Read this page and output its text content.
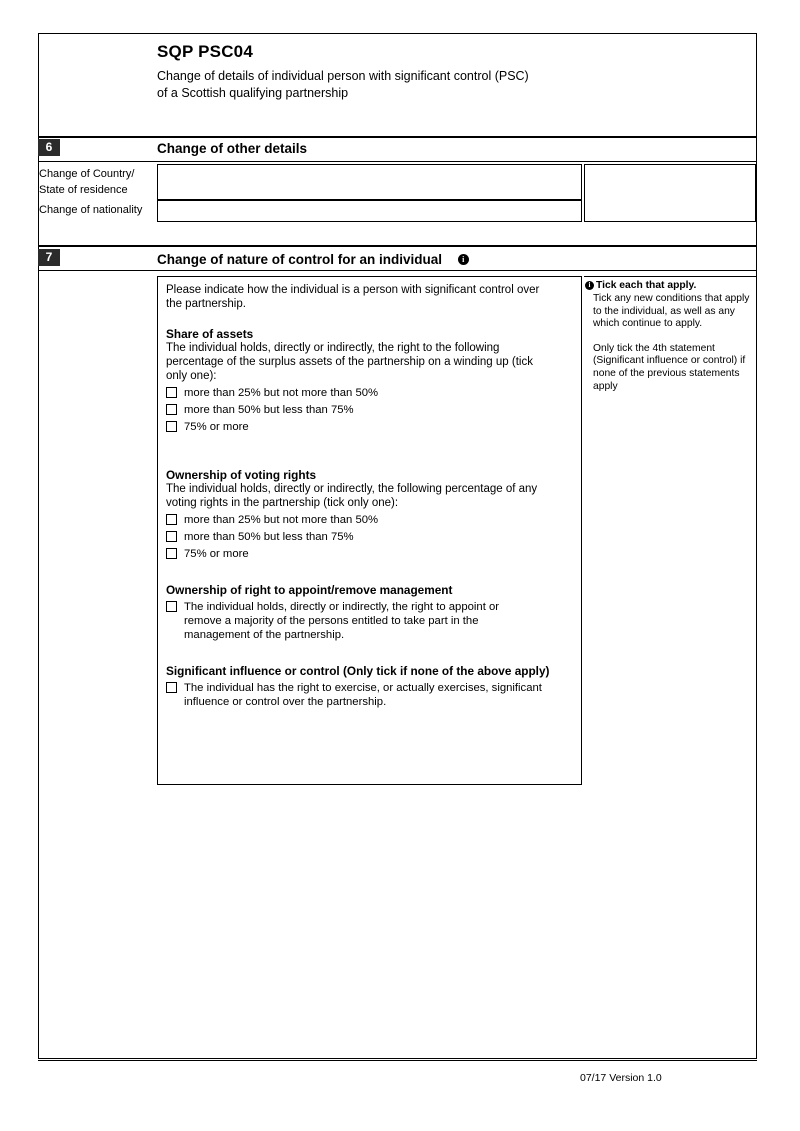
SQP PSC04
Change of details of individual person with significant control (PSC)
of a Scottish qualifying partnership
6	Change of other details
Change of Country/
State of residence
Change of nationality
7	Change of nature of control for an individual	i
Please indicate how the individual is a person with significant control over
the partnership.
Share of assets
The individual holds, directly or indirectly, the right to the following
percentage of the surplus assets of the partnership on a winding up (tick
only one):
more than 25% but not more than 50%
more than 50% but less than 75%
75% or more
Ownership of voting rights
The individual holds, directly or indirectly, the following percentage of any
voting rights in the partnership (tick only one):
more than 25% but not more than 50%
more than 50% but less than 75%
75% or more
Ownership of right to appoint/remove management
The individual holds, directly or indirectly, the right to appoint or remove a majority of the persons entitled to take part in the management of the partnership.
Significant influence or control (Only tick if none of the above apply)
The individual has the right to exercise, or actually exercises, significant influence or control over the partnership.
i Tick each that apply.

Tick any new conditions that apply to the individual, as well as any which continue to apply.

Only tick the 4th statement (Significant influence or control) if none of the previous statements apply

07/17 Version 1.0
